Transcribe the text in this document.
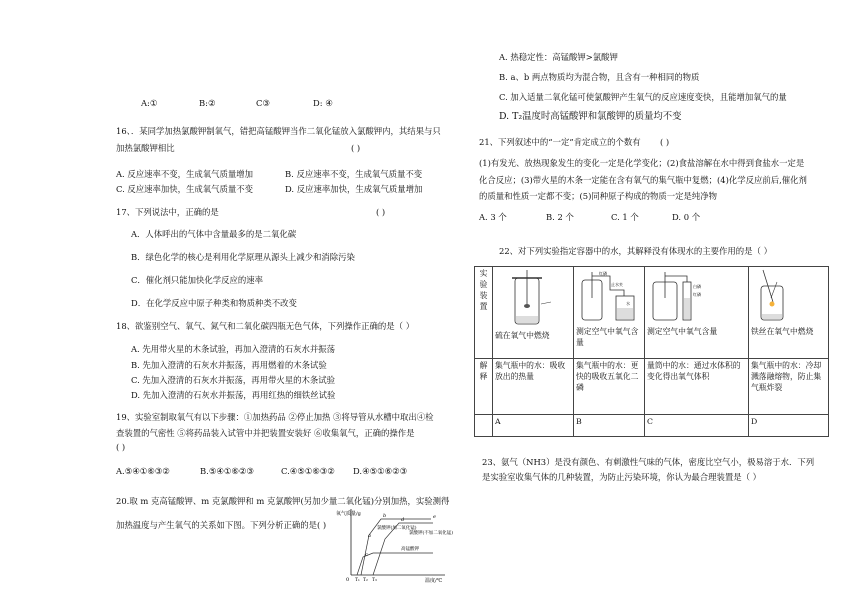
A:①	B:②	C③	D: ④
16、．某同学加热氯酸钾制氧气，错把高锰酸钾当作二氧化锰放入氯酸钾内，其结果与只
加热氯酸钾相比	( )
A. 反应速率不变，生成氧气质量增加	B. 反应速率不变，生成氧气质量不变
C. 反应速率加快，生成氧气质量不变	D. 反应速率加快，生成氧气质量增加
17、下列说法中，正确的是	( )
A．人体呼出的气体中含量最多的是二氧化碳
B．绿色化学的核心是利用化学原理从源头上减少和消除污染
C．催化剂只能加快化学反应的速率
D．在化学反应中原子种类和物质种类不改变
18、欲鉴别空气、氧气、氮气和二氧化碳四瓶无色气体，下列操作正确的是（ ）
A. 先用带火星的木条试验，再加入澄清的石灰水并振荡
B. 先加入澄清的石灰水并振荡，再用燃着的木条试验
C. 先加入澄清的石灰水并振荡，再用带火星的木条试验
D. 先加入澄清的石灰水并振荡，再用红热的细铁丝试验
19、实验室制取氧气有以下步骤：①加热药品 ②停止加热 ③将导管从水槽中取出④检
查装置的气密性 ⑤将药品装入试管中并把装置安装好 ⑥收集氧气，正确的操作是
( )
A.⑤④①⑥③②	B.⑤④①⑥②③	C.④⑤①⑥③② D.④⑤①⑥②③
20.取 m 克高锰酸钾、m 克氯酸钾和 m 克氯酸钾(另加少量二氧化锰)分别加热，实验测得
加热温度与产生氧气的关系如下图。下列分析正确的是( )
氧气质量/g
温度/℃
0
氯酸钾(加二氧化锰)
氯酸钾(不加二氧化锰)
高锰酸钾
a
b
c
d	e
T₁ T₂ T₃
A. 热稳定性：高锰酸钾>氯酸钾
B. a、b 两点物质均为混合物，且含有一种相同的物质
C. 加入适量二氧化锰可使氯酸钾产生氧气的反应速度变快，且能增加氧气的量
D. T₂温度时高锰酸钾和氯酸钾的质量均不变
21、下列叙述中的“一定”肯定成立的个数有 ( )
(1)有发光、放热现象发生的变化一定是化学变化；(2)食盐溶解在水中得到食盐水一定是
化合反应；(3)带火星的木条一定能在含有氧气的集气瓶中复燃；(4)化学反应前后,催化剂
的质量和性质一定都不变；(5)同种原子构成的物质一定是纯净物
A. 3 个	B. 2 个	C. 1 个	D. 0 个
22、对下列实验指定容器中的水，其解释没有体现水的主要作用的是（ ）
实验装置	硫在氧气中燃烧	红磷
止水夹
水
测定空气中氧气含量	白磷
红磷
测定空气中氧气含量	铁丝在氧气中燃烧

解释	集气瓶中的水：吸收放出的热量	集气瓶中的水：更快的吸收五氧化二磷	量筒中的水：通过水体积的变化得出氧气体积	集气瓶中的水：冷却溅落融熔物，防止集气瓶炸裂
	A	B	C	D
23、氨气（NH3）是没有颜色、有刺激性气味的气体，密度比空气小，极易溶于水．下列
是实验室收集气体的几种装置，为防止污染环境，你认为最合理装置是（ ）
